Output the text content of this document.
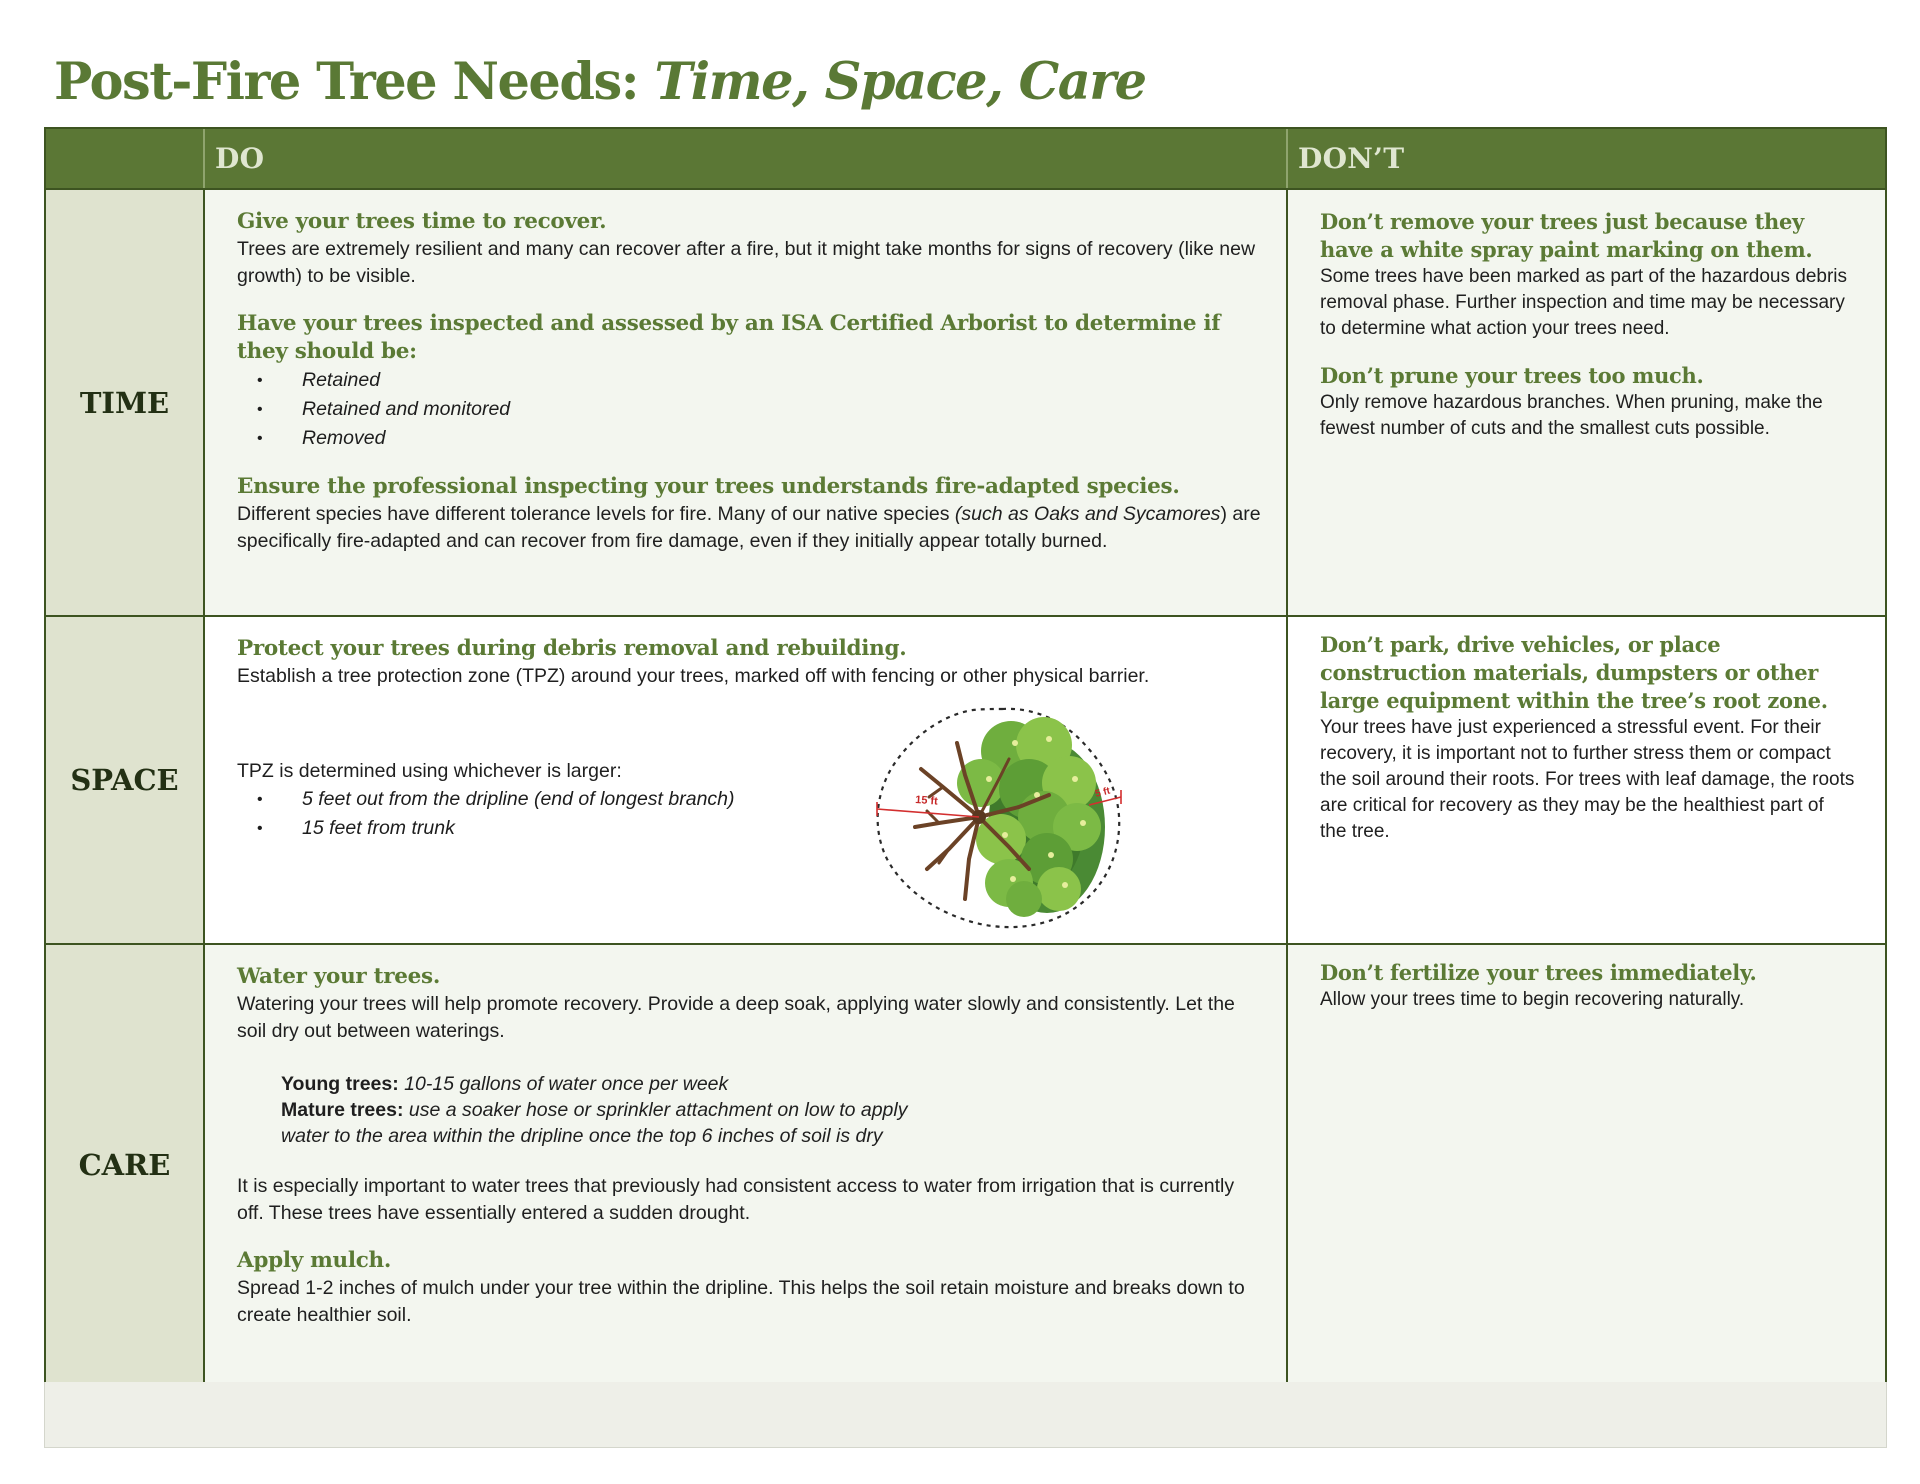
Post-Fire Tree Needs: Time, Space, Care
DO	DON’T
TIME
Give your trees time to recover.

Trees are extremely resilient and many can recover after a fire, but it might take months for signs of recovery (like new growth) to be visible.

Have your trees inspected and assessed by an ISA Certified Arborist to determine if they should be:
• Retained
• Retained and monitored
• Removed
Ensure the professional inspecting your trees understands fire-adapted species.

Different species have different tolerance levels for fire. Many of our native species (such as Oaks and Sycamores) are specifically fire-adapted and can recover from fire damage, even if they initially appear totally burned.

Don’t remove your trees just because they have a white spray paint marking on them.

Some trees have been marked as part of the hazardous debris removal phase. Further inspection and time may be necessary to determine what action your trees need.

Don’t prune your trees too much.

Only remove hazardous branches. When pruning, make the fewest number of cuts and the smallest cuts possible.

SPACE
Protect your trees during debris removal and rebuilding.

Establish a tree protection zone (TPZ) around your trees, marked off with fencing or other physical barrier.

TPZ is determined using whichever is larger:

• 5 feet out from the dripline (end of longest branch)
• 15 feet from trunk
15 ft
5 ft
Don’t park, drive vehicles, or place construction materials, dumpsters or other large equipment within the tree’s root zone.

Your trees have just experienced a stressful event. For their recovery, it is important not to further stress them or compact the soil around their roots. For trees with leaf damage, the roots are critical for recovery as they may be the healthiest part of the tree.

CARE
Water your trees.

Watering your trees will help promote recovery. Provide a deep soak, applying water slowly and consistently. Let the soil dry out between waterings.

Young trees: 10-15 gallons of water once per week

Mature trees: use a soaker hose or sprinkler attachment on low to apply

water to the area within the dripline once the top 6 inches of soil is dry

It is especially important to water trees that previously had consistent access to water from irrigation that is currently off. These trees have essentially entered a sudden drought.

Apply mulch.

Spread 1-2 inches of mulch under your tree within the dripline. This helps the soil retain moisture and breaks down to create healthier soil.

Don’t fertilize your trees immediately.

Allow your trees time to begin recovering naturally.
